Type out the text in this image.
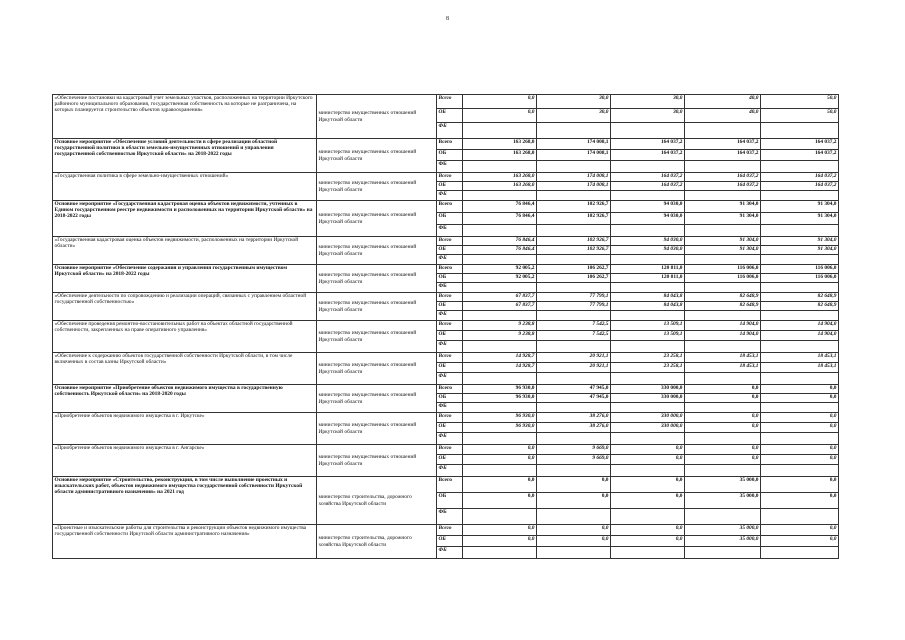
8
«Обеспечение постановки на кадастровый учет земельных участков, расположенных на территории Иркутского районного муниципального образования, государственная собственность на которые не разграничена, на которых планируется строительство объектов здравоохранения»	министерство имущественных отношений Иркутской области	Всего	0,0	30,0	30,0	40,0	50,0
		ОБ	0,0	30,0	30,0	40,0	50,0
		ФБ					
Основное мероприятие «Обеспечение условий деятельности в сфере реализации областной государственной политики в области земельно-имущественных отношений и управления государственной собственностью Иркутской области» на 2018-2022 годы	министерство имущественных отношений Иркутской области	Всего	163 268,0	174 008,1	164 037,2	164 037,2	164 037,2
		ОБ	163 268,0	174 008,1	164 037,2	164 037,2	164 037,2
		ФБ					
«Государственная политика в сфере земельно-имущественных отношений»	министерство имущественных отношений Иркутской области	Всего	163 268,0	174 008,1	164 037,2	164 037,2	164 037,2
		ОБ	163 268,0	174 008,1	164 037,2	164 037,2	164 037,2
		ФБ					
Основное мероприятие «Государственная кадастровая оценка объектов недвижимости, учтенных в Едином государственном реестре недвижимости и расположенных на территории Иркутской области» на 2018-2022 годы	министерство имущественных отношений Иркутской области	Всего	76 846,4	102 926,7	94 030,0	91 304,0	91 304,0
		ОБ	76 846,4	102 926,7	94 030,0	91 304,0	91 304,0
		ФБ					
«Государственная кадастровая оценка объектов недвижимости, расположенных на территории Иркутской области»	министерство имущественных отношений Иркутской области	Всего	76 846,4	102 926,7	94 030,0	91 304,0	91 304,0
		ОБ	76 846,4	102 926,7	94 030,0	91 304,0	91 304,0
		ФБ					
Основное мероприятие «Обеспечение содержания и управления государственным имуществом Иркутской области» на 2018-2022 годы	министерство имущественных отношений Иркутской области	Всего	92 005,2	106 262,7	120 811,0	116 006,0	116 006,0
		ОБ	92 005,2	106 262,7	120 811,0	116 006,0	116 006,0
		ФБ					
«Обеспечение деятельности по сопровождению и реализации операций, связанных с управлением областной государственной собственностью»	министерство имущественных отношений Иркутской области	Всего	67 837,7	77 799,1	84 043,8	82 648,9	82 648,9
		ОБ	67 837,7	77 799,1	84 043,8	82 648,9	82 648,9
		ФБ					
«Обеспечение проведения ремонтно-восстановительных работ на объектах областной государственной собственности, закрепленных на праве оперативного управления»	министерство имущественных отношений Иркутской области	Всего	9 238,8	7 542,5	13 509,1	14 904,0	14 904,0
		ОБ	9 238,8	7 542,5	13 509,1	14 904,0	14 904,0
		ФБ					
«Обеспечение к содержанию объектов государственной собственности Иркутской области, в том числе включенных в состав казны Иркутской области»	министерство имущественных отношений Иркутской области	Всего	14 928,7	20 921,1	23 258,1	18 453,1	18 453,1
		ОБ	14 928,7	20 921,1	23 258,1	18 453,1	18 453,1
		ФБ					
Основное мероприятие «Приобретение объектов недвижимого имущества в государственную собственность Иркутской области» на 2018-2020 годы	министерство имущественных отношений Иркутской области	Всего	96 930,0	47 945,0	330 000,0	0,0	0,0
		ОБ	96 930,0	47 945,0	330 000,0	0,0	0,0
		ФБ					
«Приобретение объектов недвижимого имущества в г. Иркутске»	министерство имущественных отношений Иркутской области	Всего	96 930,0	38 276,0	330 000,0	0,0	0,0
		ОБ	96 930,0	38 276,0	330 000,0	0,0	0,0
		ФБ					
«Приобретение объектов недвижимого имущества в г. Ангарске»	министерство имущественных отношений Иркутской области	Всего	0,0	9 669,0	0,0	0,0	0,0
		ОБ	0,0	9 669,0	0,0	0,0	0,0
		ФБ					
Основное мероприятие «Строительство, реконструкция, в том числе выполнение проектных и изыскательских работ, объектов недвижимого имущества государственной собственности Иркутской области административного назначения» на 2021 год	министерство строительства, дорожного хозяйства Иркутской области	Всего	0,0	0,0	0,0	35 000,0	0,0
		ОБ	0,0	0,0	0,0	35 000,0	0,0
		ФБ					
«Проектные и изыскательские работы для строительства и реконструкции объектов недвижимого имущества государственной собственности Иркутской области административного назначения»	министерство строительства, дорожного хозяйства Иркутской области	Всего	0,0	0,0	0,0	35 000,0	0,0
		ОБ	0,0	0,0	0,0	35 000,0	0,0
		ФБ					
